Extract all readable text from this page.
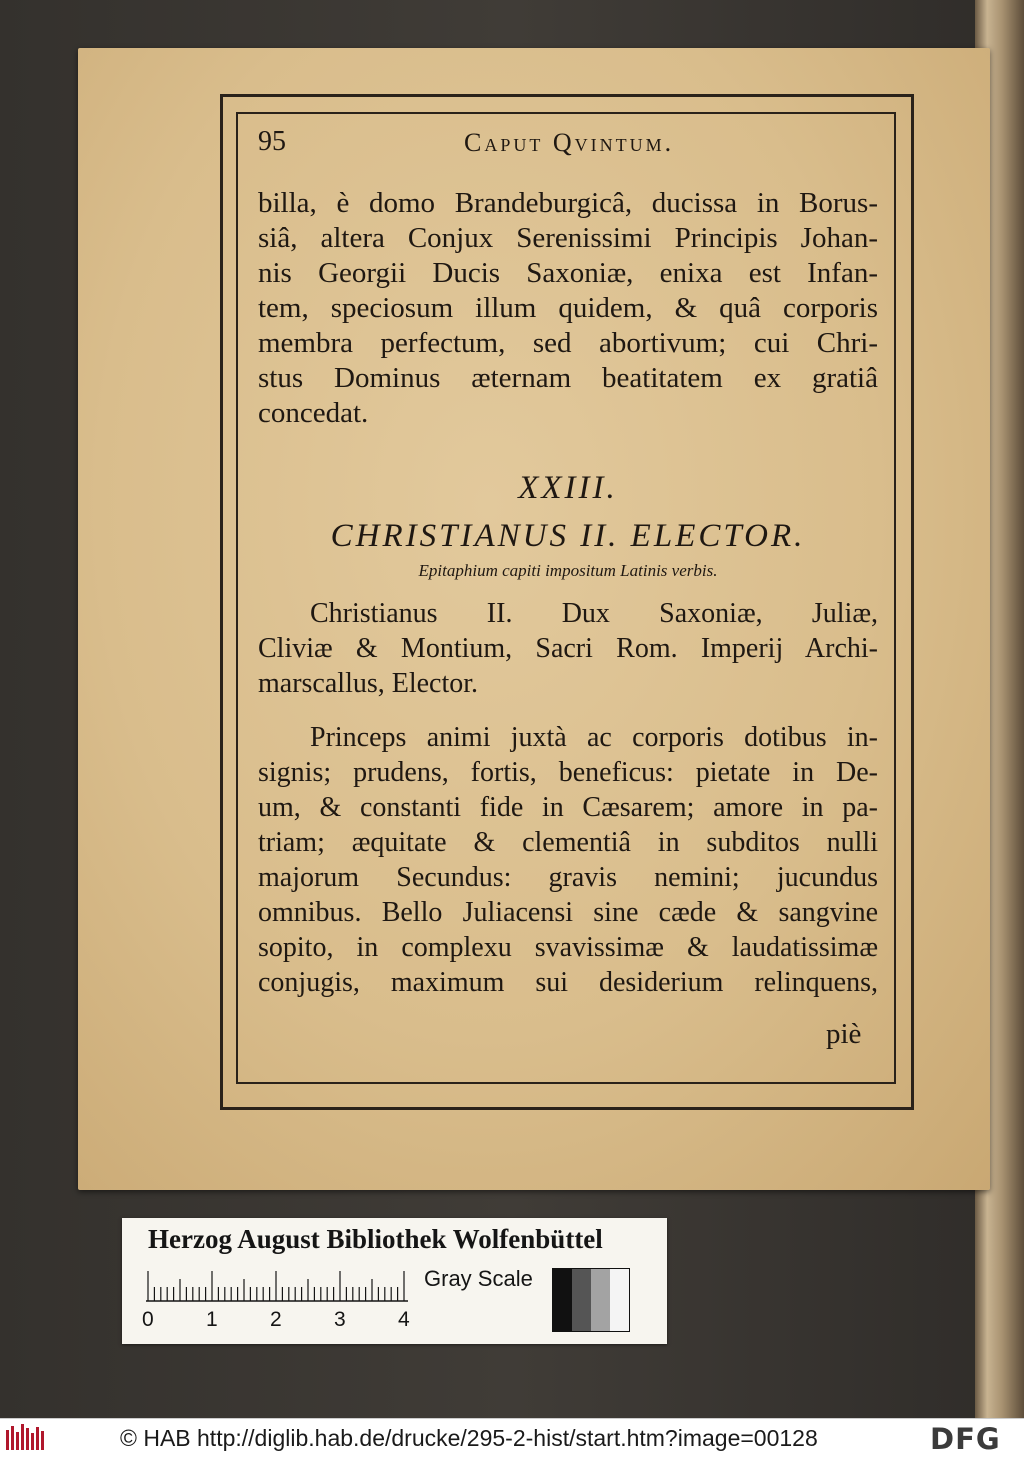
95	Caput Qvintum.
billa, è domo Brandeburgicâ, ducissa in Borus-
siâ, altera Conjux Serenissimi Principis Johan-
nis Georgii Ducis Saxoniæ, enixa est Infan-
tem, speciosum illum quidem, & quâ corporis
membra perfectum, sed abortivum; cui Chri-
stus Dominus æternam beatitatem ex gratiâ
concedat.
XXIII.
CHRISTIANUS II. ELECTOR.
Epitaphium capiti impositum Latinis verbis.
Christianus II. Dux Saxoniæ, Juliæ,
Cliviæ & Montium, Sacri Rom. Imperij Archi-
marscallus, Elector.
Princeps animi juxtà ac corporis dotibus in-
signis; prudens, fortis, beneficus: pietate in De-
um, & constanti fide in Cæsarem; amore in pa-
triam; æquitate & clementiâ in subditos nulli
majorum Secundus: gravis nemini; jucundus
omnibus. Bello Juliacensi sine cæde & sangvine
sopito, in complexu svavissimæ & laudatissimæ
conjugis, maximum sui desiderium relinquens,
piè
Herzog August Bibliothek Wolfenbüttel
0 1 2 3 4
Gray Scale
© HAB http://diglib.hab.de/drucke/295-2-hist/start.htm?image=00128	DFG
